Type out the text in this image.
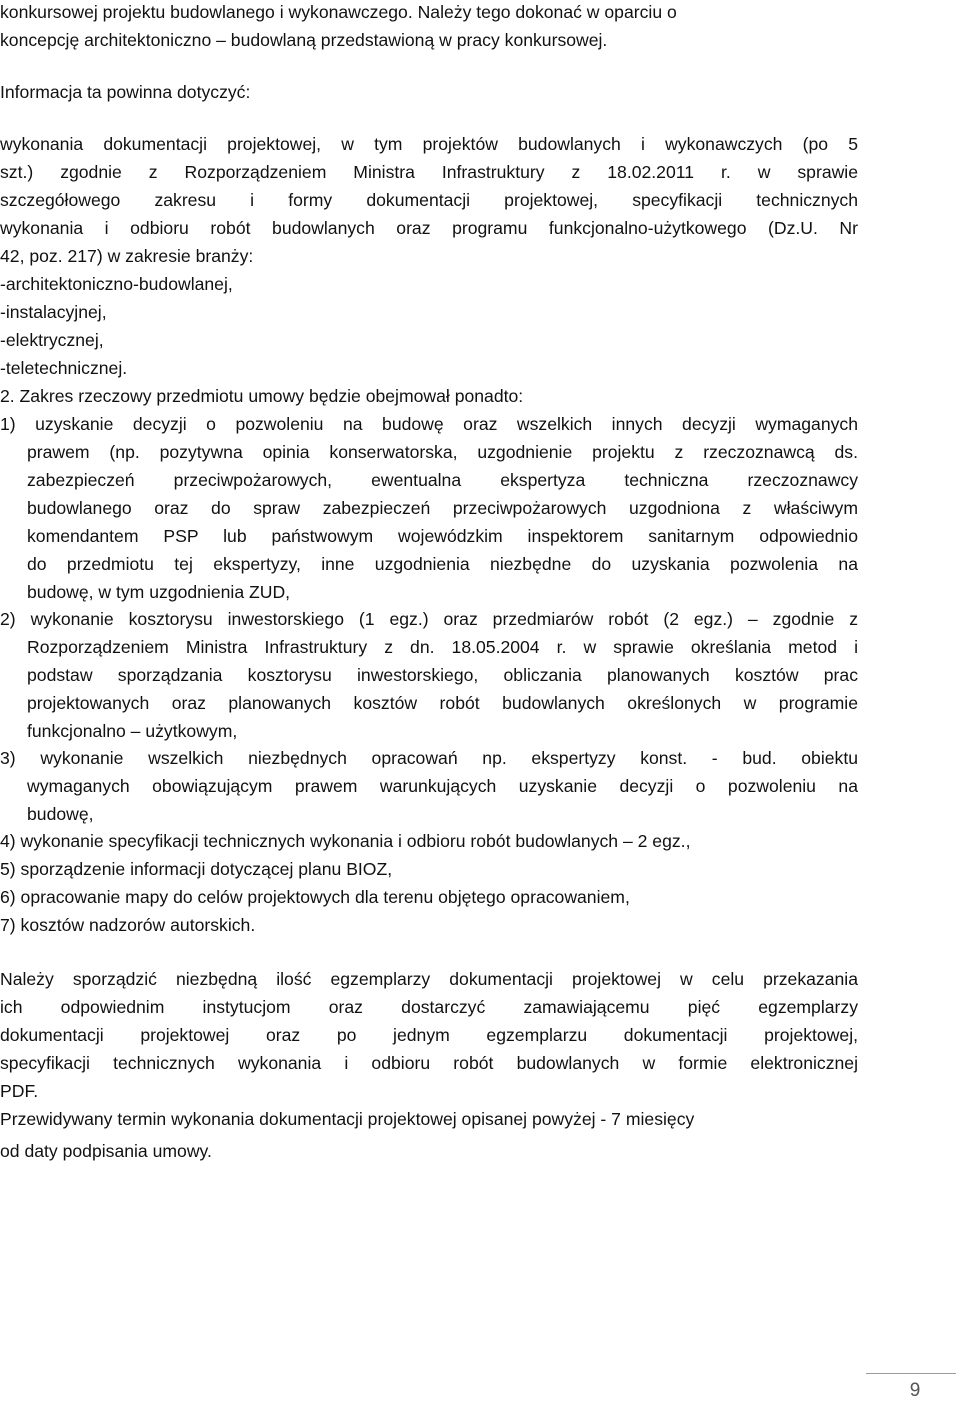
konkursowej projektu budowlanego i wykonawczego. Należy tego dokonać w oparciu o
koncepcję architektoniczno – budowlaną przedstawioną w pracy konkursowej.
Informacja ta powinna dotyczyć:
wykonania dokumentacji projektowej, w tym projektów budowlanych i wykonawczych (po 5
szt.) zgodnie z Rozporządzeniem Ministra Infrastruktury z 18.02.2011 r. w sprawie
szczegółowego zakresu i formy dokumentacji projektowej, specyfikacji technicznych
wykonania i odbioru robót budowlanych oraz programu funkcjonalno-użytkowego (Dz.U. Nr
42, poz. 217) w zakresie branży:
-architektoniczno-budowlanej,
-instalacyjnej,
-elektrycznej,
-teletechnicznej.
2. Zakres rzeczowy przedmiotu umowy będzie obejmował ponadto:
1) uzyskanie decyzji o pozwoleniu na budowę oraz wszelkich innych decyzji wymaganych
prawem (np. pozytywna opinia konserwatorska, uzgodnienie projektu z rzeczoznawcą ds.
zabezpieczeń przeciwpożarowych, ewentualna ekspertyza techniczna rzeczoznawcy
budowlanego oraz do spraw zabezpieczeń przeciwpożarowych uzgodniona z właściwym
komendantem PSP lub państwowym wojewódzkim inspektorem sanitarnym odpowiednio
do przedmiotu tej ekspertyzy, inne uzgodnienia niezbędne do uzyskania pozwolenia na
budowę, w tym uzgodnienia ZUD,
2) wykonanie kosztorysu inwestorskiego (1 egz.) oraz przedmiarów robót (2 egz.) – zgodnie z
Rozporządzeniem Ministra Infrastruktury z dn. 18.05.2004 r. w sprawie określania metod i
podstaw sporządzania kosztorysu inwestorskiego, obliczania planowanych kosztów prac
projektowanych oraz planowanych kosztów robót budowlanych określonych w programie
funkcjonalno – użytkowym,
3) wykonanie wszelkich niezbędnych opracowań np. ekspertyzy konst. - bud. obiektu
wymaganych obowiązującym prawem warunkujących uzyskanie decyzji o pozwoleniu na
budowę,
4) wykonanie specyfikacji technicznych wykonania i odbioru robót budowlanych – 2 egz.,
5) sporządzenie informacji dotyczącej planu BIOZ,
6) opracowanie mapy do celów projektowych dla terenu objętego opracowaniem,
7) kosztów nadzorów autorskich.
Należy sporządzić niezbędną ilość egzemplarzy dokumentacji projektowej w celu przekazania
ich odpowiednim instytucjom oraz dostarczyć zamawiającemu pięć egzemplarzy
dokumentacji projektowej oraz po jednym egzemplarzu dokumentacji projektowej,
specyfikacji technicznych wykonania i odbioru robót budowlanych w formie elektronicznej
PDF.
Przewidywany termin wykonania dokumentacji projektowej opisanej powyżej - 7 miesięcy
od daty podpisania umowy.
9
